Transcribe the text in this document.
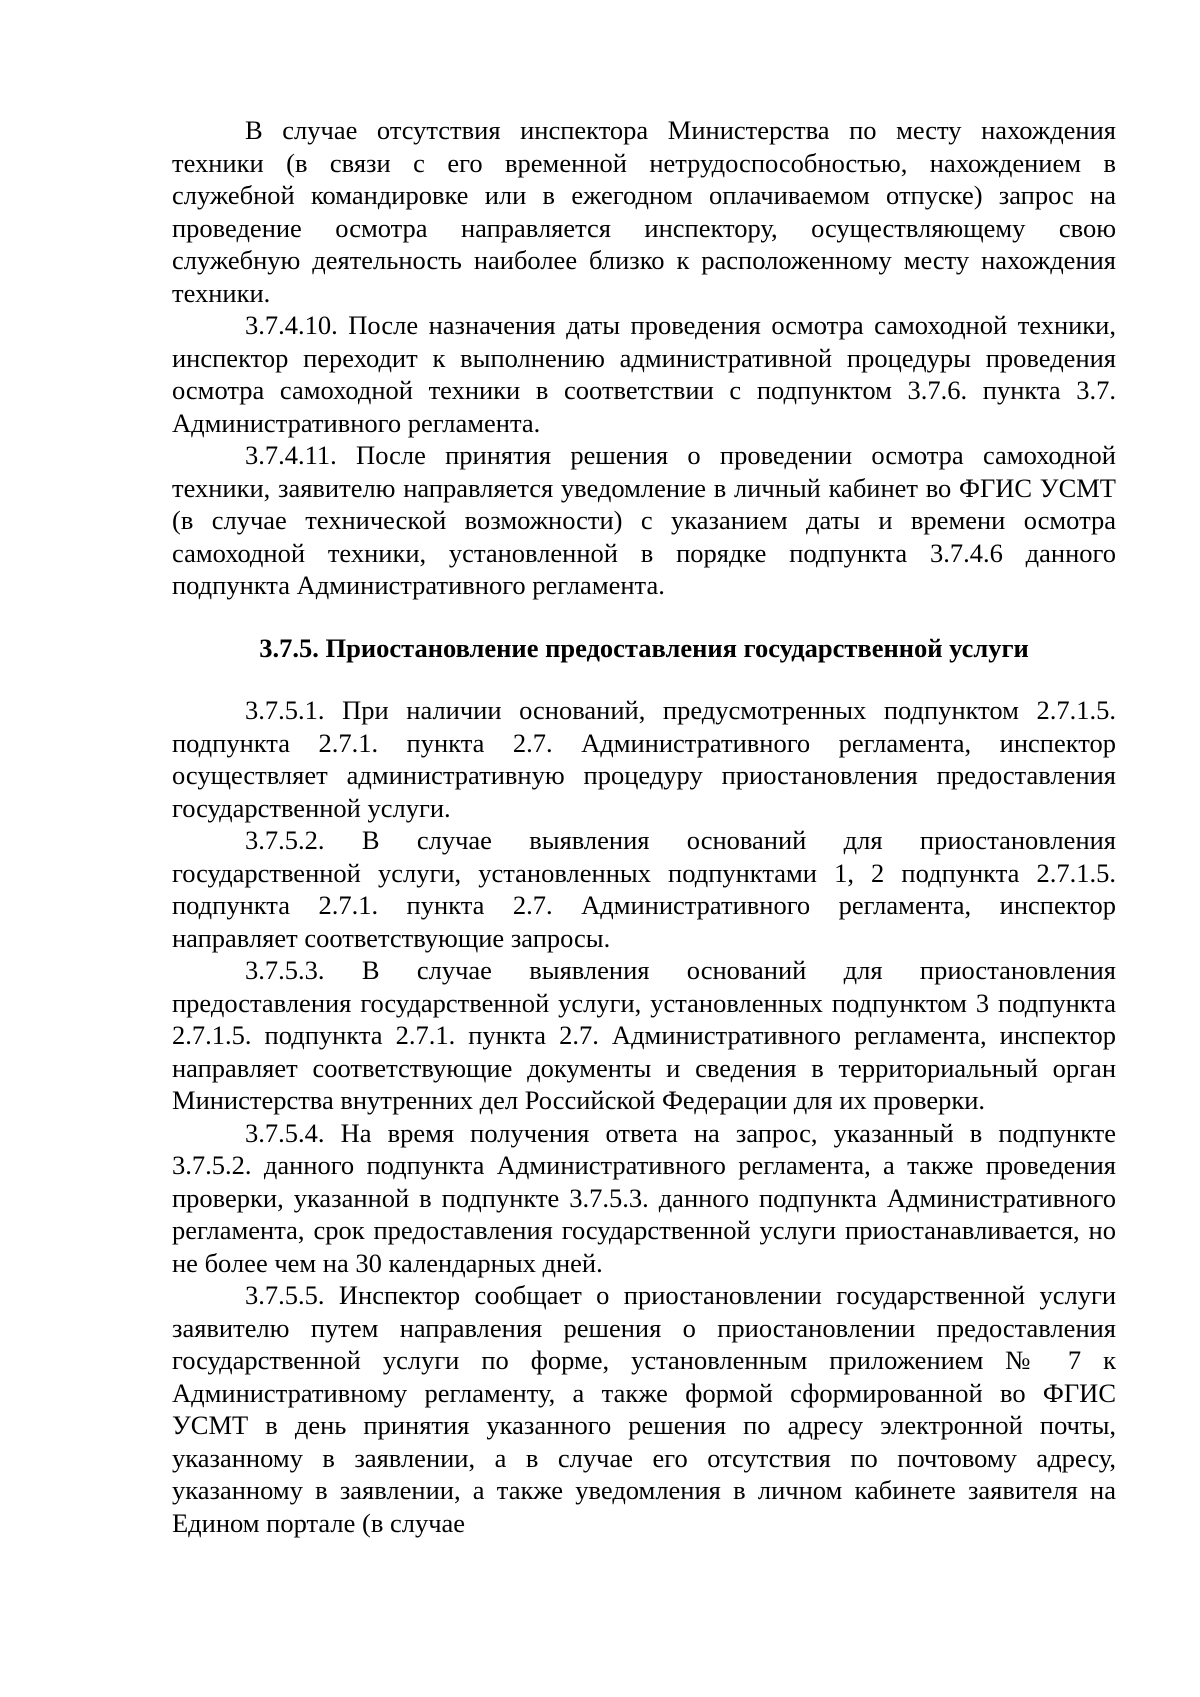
В случае отсутствия инспектора Министерства по месту нахождения техники (в связи с его временной нетрудоспособностью, нахождением в служебной командировке или в ежегодном оплачиваемом отпуске) запрос на проведение осмотра направляется инспектору, осуществляющему свою служебную деятельность наиболее близко к расположенному месту нахождения техники.

3.7.4.10. После назначения даты проведения осмотра самоходной техники, инспектор переходит к выполнению административной процедуры проведения осмотра самоходной техники в соответствии с подпунктом 3.7.6. пункта 3.7. Административного регламента.

3.7.4.11. После принятия решения о проведении осмотра самоходной техники, заявителю направляется уведомление в личный кабинет во ФГИС УСМТ (в случае технической возможности) с указанием даты и времени осмотра самоходной техники, установленной в порядке подпункта 3.7.4.6 данного подпункта Административного регламента.

3.7.5. Приостановление предоставления государственной услуги

3.7.5.1. При наличии оснований, предусмотренных подпунктом 2.7.1.5. подпункта 2.7.1. пункта 2.7. Административного регламента, инспектор осуществляет административную процедуру приостановления предоставления государственной услуги.

3.7.5.2. В случае выявления оснований для приостановления государственной услуги, установленных подпунктами 1, 2 подпункта 2.7.1.5. подпункта 2.7.1. пункта 2.7. Административного регламента, инспектор направляет соответствующие запросы.

3.7.5.3. В случае выявления оснований для приостановления предоставления государственной услуги, установленных подпунктом 3 подпункта 2.7.1.5. подпункта 2.7.1. пункта 2.7. Административного регламента, инспектор направляет соответствующие документы и сведения в территориальный орган Министерства внутренних дел Российской Федерации для их проверки.

3.7.5.4. На время получения ответа на запрос, указанный в подпункте 3.7.5.2. данного подпункта Административного регламента, а также проведения проверки, указанной в подпункте 3.7.5.3. данного подпункта Административного регламента, срок предоставления государственной услуги приостанавливается, но не более чем на 30 календарных дней.

3.7.5.5. Инспектор сообщает о приостановлении государственной услуги заявителю путем направления решения о приостановлении предоставления государственной услуги по форме, установленным приложением № 7 к Административному регламенту, а также формой сформированной во ФГИС УСМТ в день принятия указанного решения по адресу электронной почты, указанному в заявлении, а в случае его отсутствия по почтовому адресу, указанному в заявлении, а также уведомления в личном кабинете заявителя на Едином портале (в случае
